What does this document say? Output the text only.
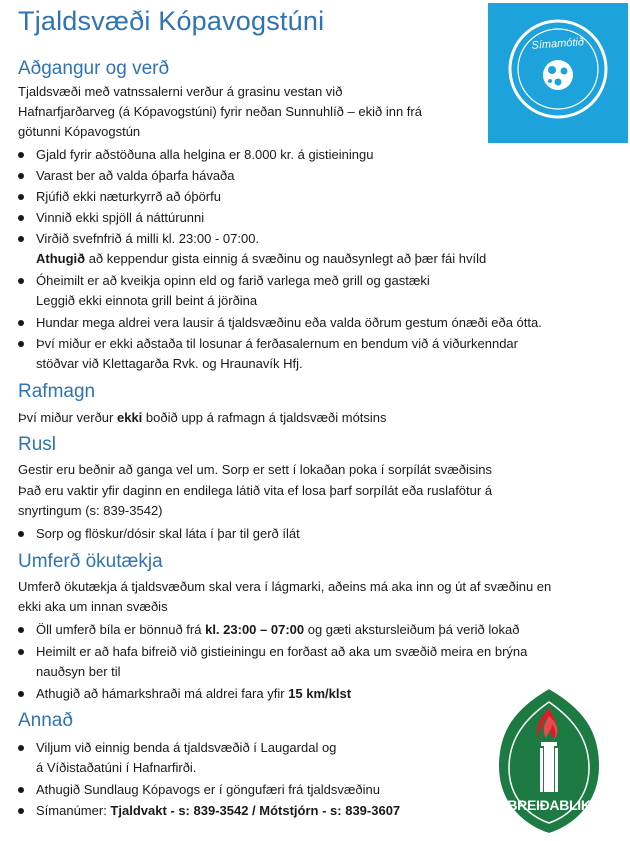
Tjaldsvæði Kópavogstúni
Símamótið
Aðgangur og verð

Tjaldsvæði með vatnssalerni verður á grasinu vestan við

Hafnarfjarðarveg (á Kópavogstúni) fyrir neðan Sunnuhlíð – ekið inn frá

götunni Kópavogstún

Gjald fyrir aðstöðuna alla helgina er 8.000 kr. á gistieiningu
Varast ber að valda óþarfa hávaða
Rjúfið ekki næturkyrrð að óþörfu
Vinnið ekki spjöll á náttúrunni
Virðið svefnfrið á milli kl. 23:00 - 07:00.

Athugið að keppendur gista einnig á svæðinu og nauðsynlegt að þær fái hvíld

Óheimilt er að kveikja opinn eld og farið varlega með grill og gastæki

Leggið ekki einnota grill beint á jörðina

Hundar mega aldrei vera lausir á tjaldsvæðinu eða valda öðrum gestum ónæði eða ótta.
Því miður er ekki aðstaða til losunar á ferðasalernum en bendum við á viðurkenndar

stöðvar við Klettagarða Rvk. og Hraunavík Hfj.

Rafmagn

Því miður verður ekki boðið upp á rafmagn á tjaldsvæði mótsins

Rusl

Gestir eru beðnir að ganga vel um. Sorp er sett í lokaðan poka í sorpílát svæðisins

Það eru vaktir yfir daginn en endilega látið vita ef losa þarf sorpílát eða ruslafötur á

snyrtingum (s: 839-3542)

Sorp og flöskur/dósir skal láta í þar til gerð ílát
Umferð ökutækja

Umferð ökutækja á tjaldsvæðum skal vera í lágmarki, aðeins má aka inn og út af svæðinu en

ekki aka um innan svæðis

Öll umferð bíla er bönnuð frá kl. 23:00 – 07:00 og gæti akstursleiðum þá verið lokað
Heimilt er að hafa bifreið við gistieiningu en forðast að aka um svæðið meira en brýna

nauðsyn ber til

Athugið að hámarkshraði má aldrei fara yfir 15 km/klst
Annað
Viljum við einnig benda á tjaldsvæðið í Laugardal og

á Víðistaðatúni í Hafnarfirði.

Athugið Sundlaug Kópavogs er í göngufæri frá tjaldsvæðinu
Símanúmer: Tjaldvakt - s: 839-3542 / Mótstjórn - s: 839-3607	BREIÐABLIK
